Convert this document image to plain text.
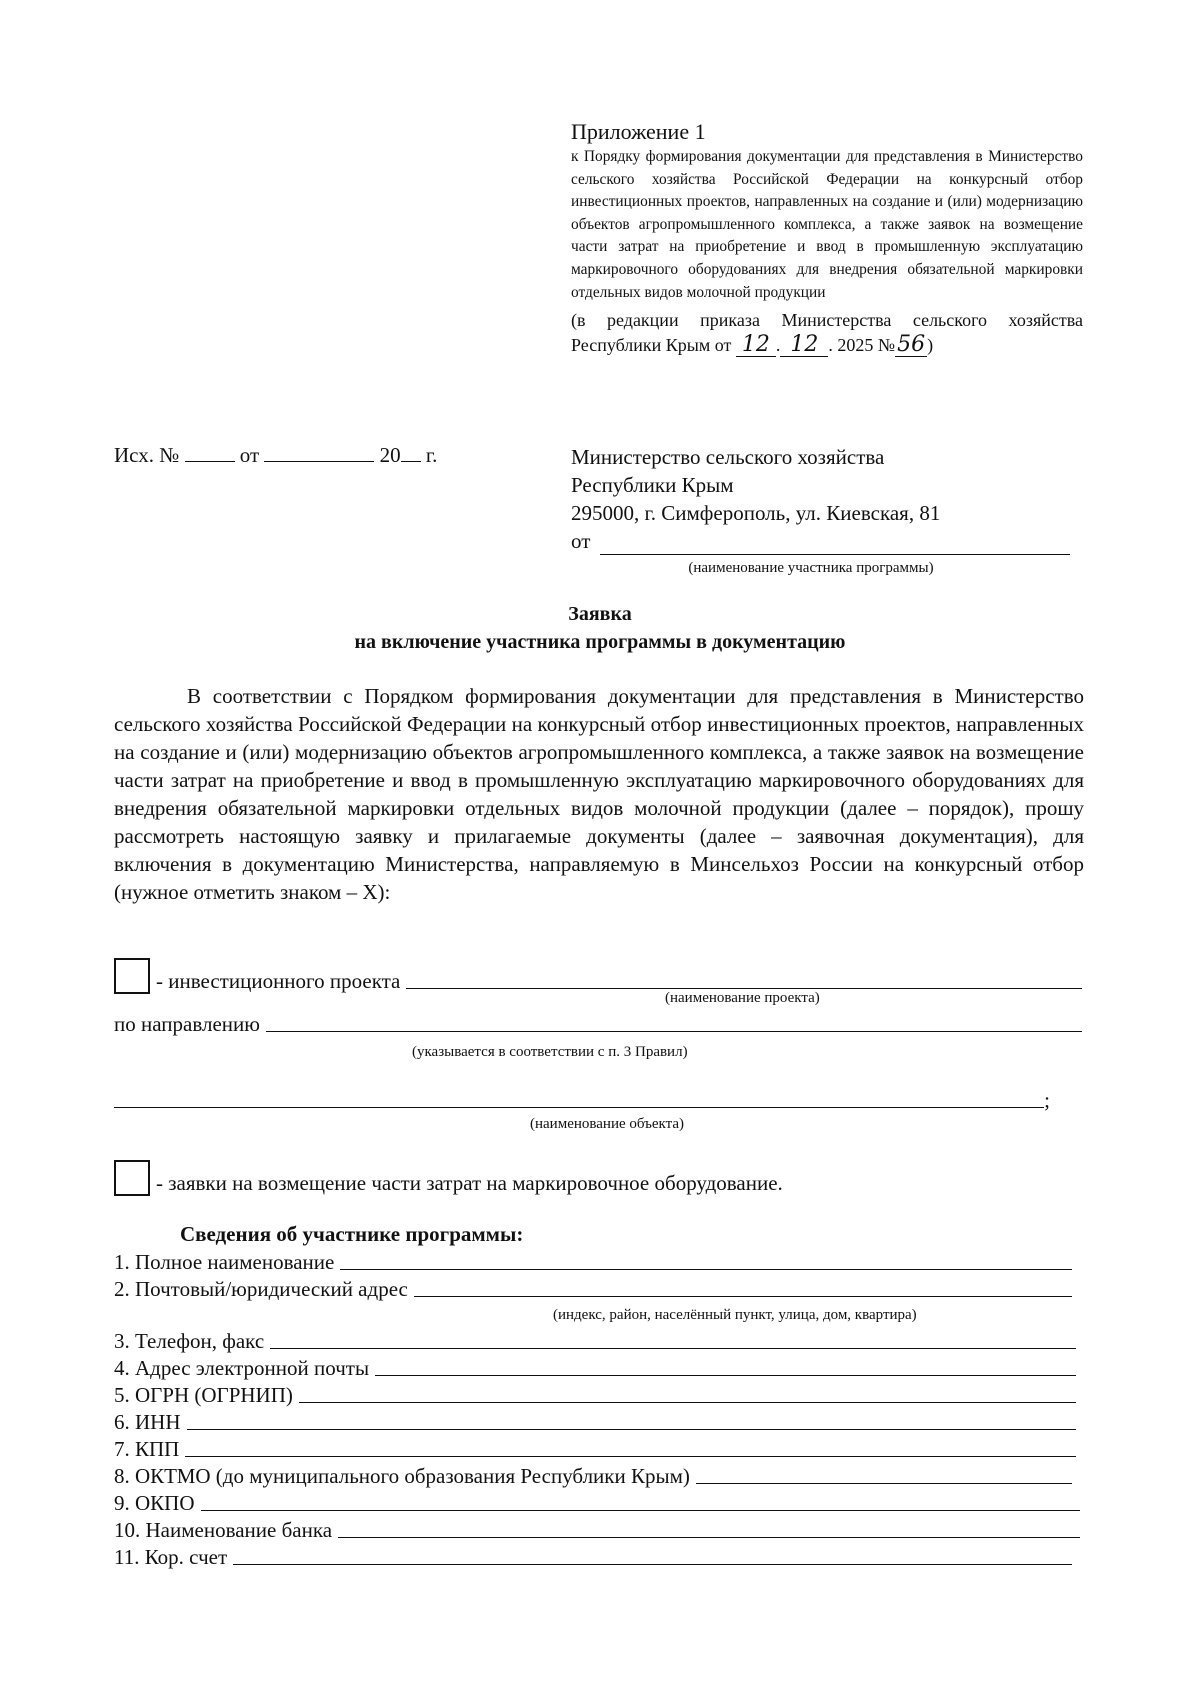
Приложение 1
к Порядку формирования документации для представления в Министерство сельского хозяйства Российской Федерации на конкурсный отбор инвестиционных проектов, направленных на создание и (или) модернизацию объектов агропромышленного комплекса, а также заявок на возмещение части затрат на приобретение и ввод в промышленную эксплуатацию маркировочного оборудованиях для внедрения обязательной маркировки отдельных видов молочной продукции
(в редакции приказа Министерства сельского хозяйства Республики Крым от 12 . 12 . 2025 №56 )
Исх. №	от	20 г.	Министерство сельского хозяйства
Республики Крым
295000, г. Симферополь, ул. Киевская, 81
от
(наименование участника программы)
Заявка
на включение участника программы в документацию

В соответствии с Порядком формирования документации для представления в Министерство сельского хозяйства Российской Федерации на конкурсный отбор инвестиционных проектов, направленных на создание и (или) модернизацию объектов агропромышленного комплекса, а также заявок на возмещение части затрат на приобретение и ввод в промышленную эксплуатацию маркировочного оборудованиях для внедрения обязательной маркировки отдельных видов молочной продукции (далее – порядок), прошу рассмотреть настоящую заявку и прилагаемые документы (далее – заявочная документация), для включения в документацию Министерства, направляемую в Минсельхоз России на конкурсный отбор (нужное отметить знаком – Х):

- инвестиционного проекта
(наименование проекта)
по направлению
(указывается в соответствии с п. 3 Правил)
;
(наименование объекта)
- заявки на возмещение части затрат на маркировочное оборудование.
Сведения об участнике программы:
1. Полное наименование
2. Почтовый/юридический адрес
(индекс, район, населённый пункт, улица, дом, квартира)
3. Телефон, факс
4. Адрес электронной почты
5. ОГРН (ОГРНИП)
6. ИНН
7. КПП
8. ОКТМО (до муниципального образования Республики Крым)
9. ОКПО
10. Наименование банка
11. Кор. счет
